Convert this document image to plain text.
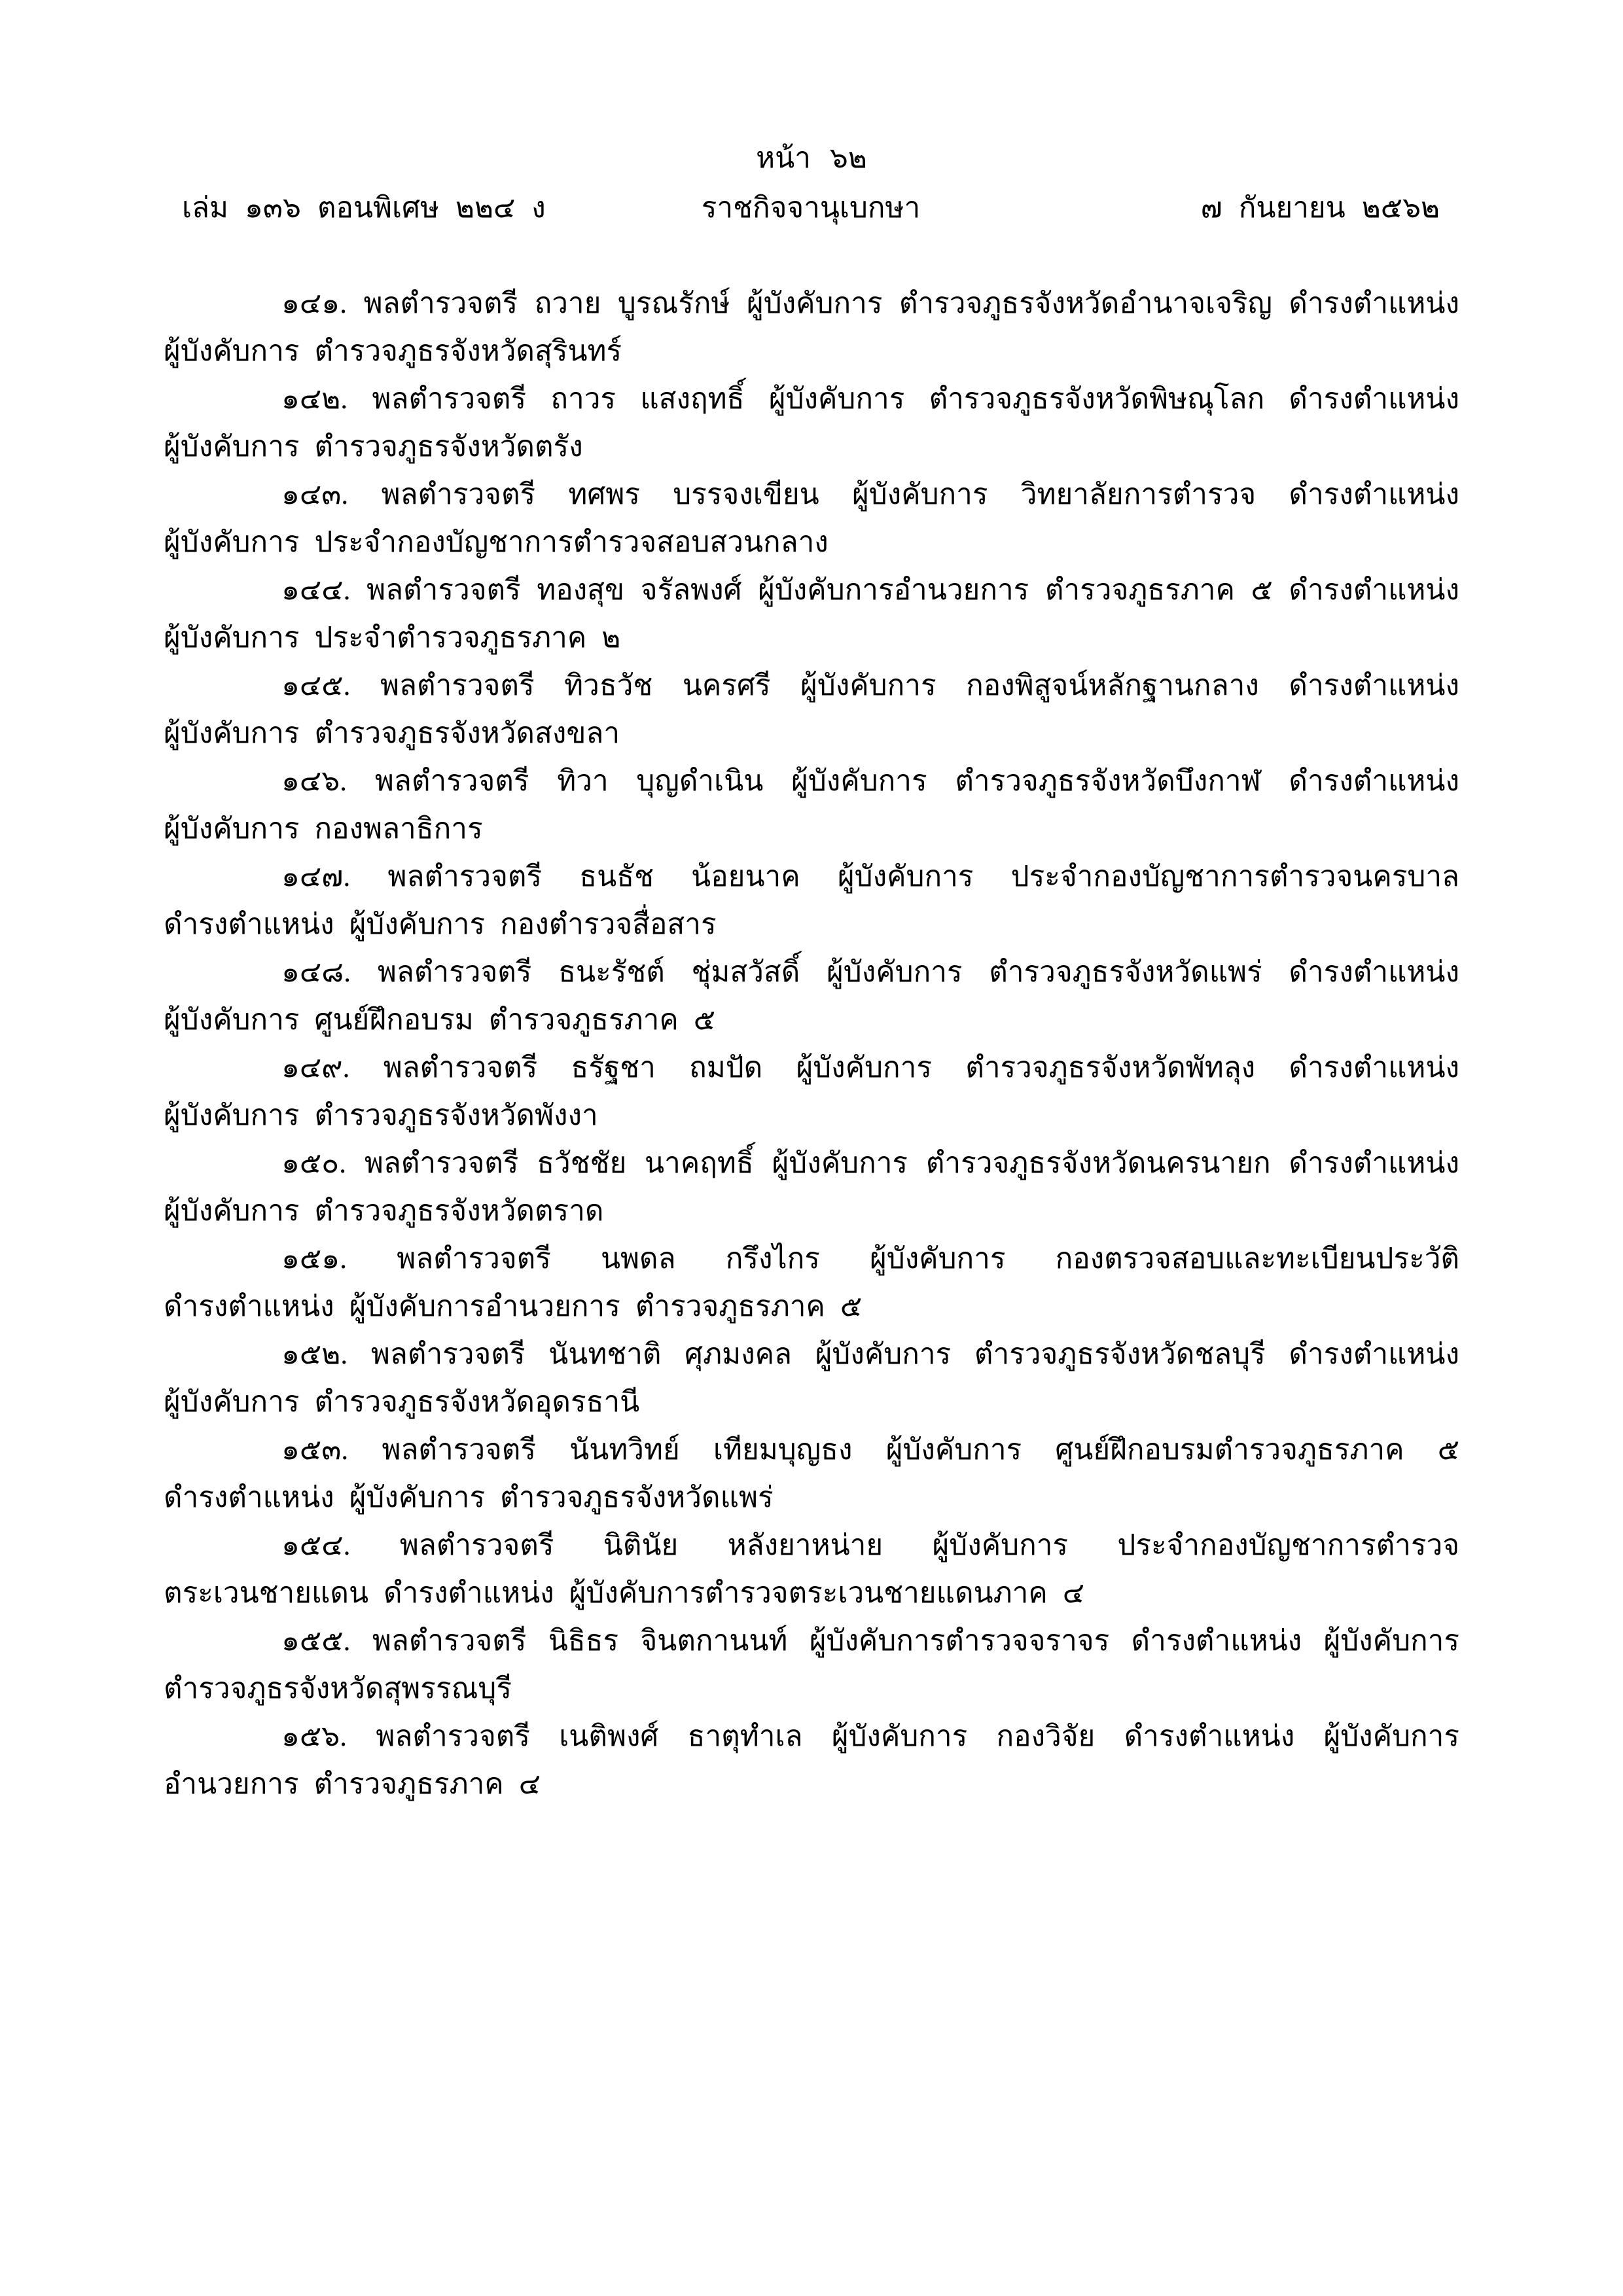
หน้า ๖๒
เล่ม ๑๓๖ ตอนพิเศษ ๒๒๔ ง	ราชกิจจานุเบกษา	๗ กันยายน ๒๕๖๒
๑๔๑. พลตำรวจตรี ถวาย บูรณรักษ์ ผู้บังคับการ ตำรวจภูธรจังหวัดอำนาจเจริญ ดำรงตำแหน่ง
ผู้บังคับการ ตำรวจภูธรจังหวัดสุรินทร์
๑๔๒. พลตำรวจตรี ถาวร แสงฤทธิ์ ผู้บังคับการ ตำรวจภูธรจังหวัดพิษณุโลก ดำรงตำแหน่ง
ผู้บังคับการ ตำรวจภูธรจังหวัดตรัง
๑๔๓. พลตำรวจตรี ทศพร บรรจงเขียน ผู้บังคับการ วิทยาลัยการตำรวจ ดำรงตำแหน่ง
ผู้บังคับการ ประจำกองบัญชาการตำรวจสอบสวนกลาง
๑๔๔. พลตำรวจตรี ทองสุข จรัลพงศ์ ผู้บังคับการอำนวยการ ตำรวจภูธรภาค ๕ ดำรงตำแหน่ง
ผู้บังคับการ ประจำตำรวจภูธรภาค ๒
๑๔๕. พลตำรวจตรี ทิวธวัช นครศรี ผู้บังคับการ กองพิสูจน์หลักฐานกลาง ดำรงตำแหน่ง
ผู้บังคับการ ตำรวจภูธรจังหวัดสงขลา
๑๔๖. พลตำรวจตรี ทิวา บุญดำเนิน ผู้บังคับการ ตำรวจภูธรจังหวัดบึงกาฬ ดำรงตำแหน่ง
ผู้บังคับการ กองพลาธิการ
๑๔๗. พลตำรวจตรี ธนธัช น้อยนาค ผู้บังคับการ ประจำกองบัญชาการตำรวจนครบาล
ดำรงตำแหน่ง ผู้บังคับการ กองตำรวจสื่อสาร
๑๔๘. พลตำรวจตรี ธนะรัชต์ ชุ่มสวัสดิ์ ผู้บังคับการ ตำรวจภูธรจังหวัดแพร่ ดำรงตำแหน่ง
ผู้บังคับการ ศูนย์ฝึกอบรม ตำรวจภูธรภาค ๕
๑๔๙. พลตำรวจตรี ธรัฐชา ถมปัด ผู้บังคับการ ตำรวจภูธรจังหวัดพัทลุง ดำรงตำแหน่ง
ผู้บังคับการ ตำรวจภูธรจังหวัดพังงา
๑๕๐. พลตำรวจตรี ธวัชชัย นาคฤทธิ์ ผู้บังคับการ ตำรวจภูธรจังหวัดนครนายก ดำรงตำแหน่ง
ผู้บังคับการ ตำรวจภูธรจังหวัดตราด
๑๕๑. พลตำรวจตรี นพดล กรึงไกร ผู้บังคับการ กองตรวจสอบและทะเบียนประวัติ
ดำรงตำแหน่ง ผู้บังคับการอำนวยการ ตำรวจภูธรภาค ๕
๑๕๒. พลตำรวจตรี นันทชาติ ศุภมงคล ผู้บังคับการ ตำรวจภูธรจังหวัดชลบุรี ดำรงตำแหน่ง
ผู้บังคับการ ตำรวจภูธรจังหวัดอุดรธานี
๑๕๓. พลตำรวจตรี นันทวิทย์ เทียมบุญธง ผู้บังคับการ ศูนย์ฝึกอบรมตำรวจภูธรภาค ๕
ดำรงตำแหน่ง ผู้บังคับการ ตำรวจภูธรจังหวัดแพร่
๑๕๔. พลตำรวจตรี นิตินัย หลังยาหน่าย ผู้บังคับการ ประจำกองบัญชาการตำรวจ
ตระเวนชายแดน ดำรงตำแหน่ง ผู้บังคับการตำรวจตระเวนชายแดนภาค ๔
๑๕๕. พลตำรวจตรี นิธิธร จินตกานนท์ ผู้บังคับการตำรวจจราจร ดำรงตำแหน่ง ผู้บังคับการ
ตำรวจภูธรจังหวัดสุพรรณบุรี
๑๕๖. พลตำรวจตรี เนติพงศ์ ธาตุทำเล ผู้บังคับการ กองวิจัย ดำรงตำแหน่ง ผู้บังคับการ
อำนวยการ ตำรวจภูธรภาค ๔
